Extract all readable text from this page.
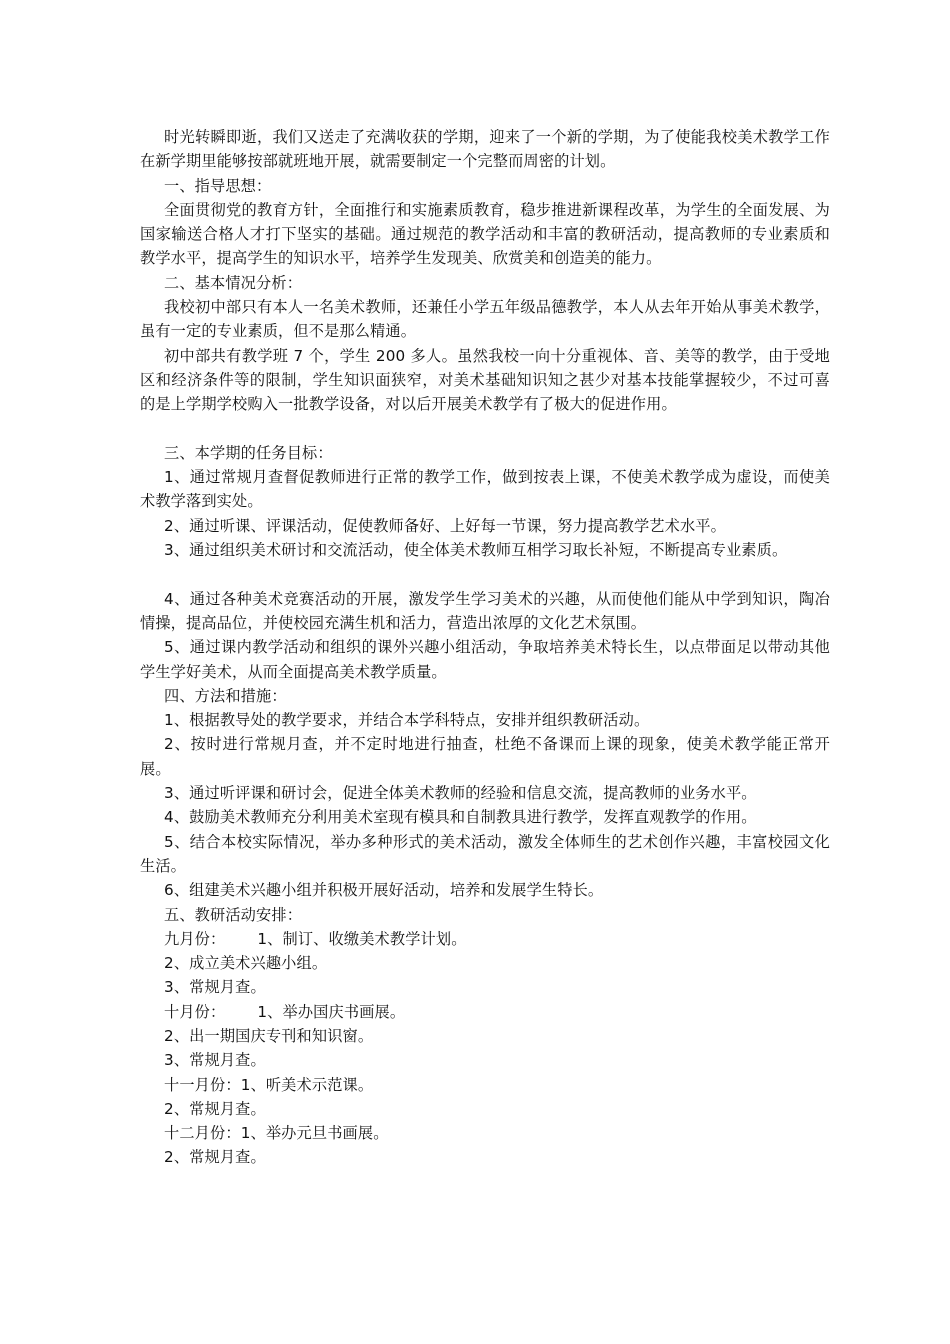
时光转瞬即逝，我们又送走了充满收获的学期，迎来了一个新的学期，为了使能我校美术教学工作在新学期里能够按部就班地开展，就需要制定一个完整而周密的计划。

一、指导思想：

全面贯彻党的教育方针，全面推行和实施素质教育，稳步推进新课程改革，为学生的全面发展、为国家输送合格人才打下坚实的基础。通过规范的教学活动和丰富的教研活动，提高教师的专业素质和教学水平，提高学生的知识水平，培养学生发现美、欣赏美和创造美的能力。

二、基本情况分析：

我校初中部只有本人一名美术教师，还兼任小学五年级品德教学，本人从去年开始从事美术教学，虽有一定的专业素质，但不是那么精通。

初中部共有教学班 7 个，学生 200 多人。虽然我校一向十分重视体、音、美等的教学，由于受地区和经济条件等的限制，学生知识面狭窄，对美术基础知识知之甚少对基本技能掌握较少，不过可喜的是上学期学校购入一批教学设备，对以后开展美术教学有了极大的促进作用。

三、本学期的任务目标：

1、通过常规月查督促教师进行正常的教学工作，做到按表上课，不使美术教学成为虚设，而使美术教学落到实处。

2、通过听课、评课活动，促使教师备好、上好每一节课，努力提高教学艺术水平。

3、通过组织美术研讨和交流活动，使全体美术教师互相学习取长补短，不断提高专业素质。

4、通过各种美术竞赛活动的开展，激发学生学习美术的兴趣，从而使他们能从中学到知识，陶冶情操，提高品位，并使校园充满生机和活力，营造出浓厚的文化艺术氛围。

5、通过课内教学活动和组织的课外兴趣小组活动，争取培养美术特长生，以点带面足以带动其他学生学好美术，从而全面提高美术教学质量。

四、方法和措施：

1、根据教导处的教学要求，并结合本学科特点，安排并组织教研活动。

2、按时进行常规月查，并不定时地进行抽查，杜绝不备课而上课的现象，使美术教学能正常开展。

3、通过听评课和研讨会，促进全体美术教师的经验和信息交流，提高教师的业务水平。

4、鼓励美术教师充分利用美术室现有模具和自制教具进行教学，发挥直观教学的作用。

5、结合本校实际情况，举办多种形式的美术活动，激发全体师生的艺术创作兴趣，丰富校园文化生活。

6、组建美术兴趣小组并积极开展好活动，培养和发展学生特长。

五、教研活动安排：

九月份： 1、制订、收缴美术教学计划。

2、成立美术兴趣小组。

3、常规月查。

十月份： 1、举办国庆书画展。

2、出一期国庆专刊和知识窗。

3、常规月查。

十一月份：1、听美术示范课。

2、常规月查。

十二月份：1、举办元旦书画展。

2、常规月查。
